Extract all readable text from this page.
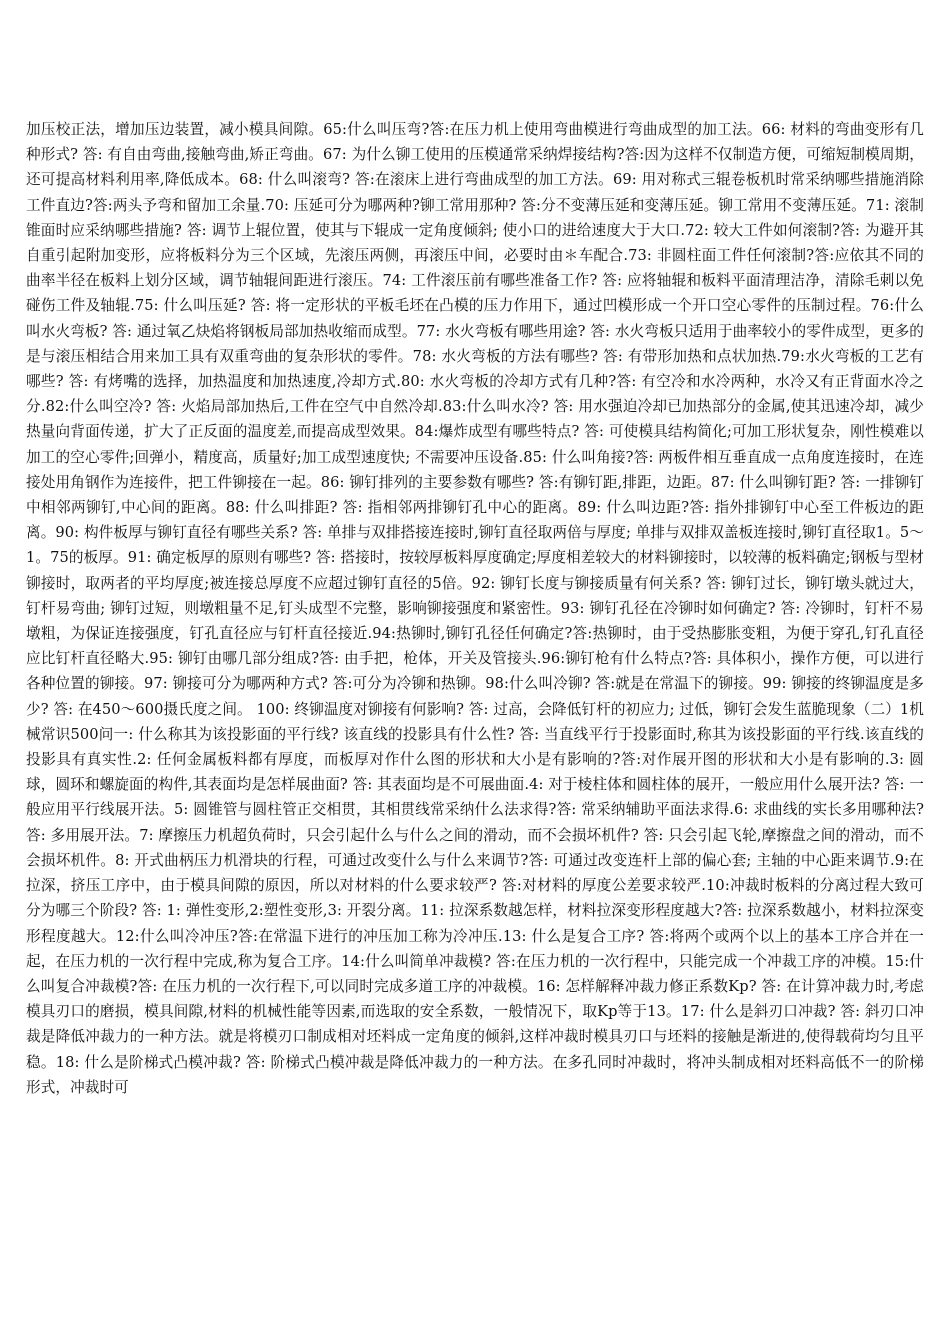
加压校正法，增加压边装置，减小模具间隙。65:什么叫压弯?答:在压力机上使用弯曲模进行弯曲成型的加工法。66: 材料的弯曲变形有几种形式? 答: 有自由弯曲,接触弯曲,矫正弯曲。67: 为什么铆工使用的压模通常采纳焊接结构?答:因为这样不仅制造方便，可缩短制模周期，还可提高材料利用率,降低成本。68: 什么叫滚弯? 答:在滚床上进行弯曲成型的加工方法。69: 用对称式三辊卷板机时常采纳哪些措施消除工件直边?答:两头予弯和留加工余量.70: 压延可分为哪两种?铆工常用那种? 答:分不变薄压延和变薄压延。铆工常用不变薄压延。71: 滚制锥面时应采纳哪些措施? 答: 调节上辊位置，使其与下辊成一定角度倾斜; 使小口的进给速度大于大口.72: 较大工件如何滚制?答: 为避开其自重引起附加变形，应将板料分为三个区域，先滚压两侧，再滚压中间，必要时由＊车配合.73: 非圆柱面工件任何滚制?答:应依其不同的曲率半径在板料上划分区域，调节轴辊间距进行滚压。74: 工件滚压前有哪些准备工作? 答: 应将轴辊和板料平面清理洁净，清除毛刺以免碰伤工件及轴辊.75: 什么叫压延? 答: 将一定形状的平板毛坯在凸模的压力作用下，通过凹模形成一个开口空心零件的压制过程。76:什么叫水火弯板? 答: 通过氧乙炔焰将钢板局部加热收缩而成型。77: 水火弯板有哪些用途? 答: 水火弯板只适用于曲率较小的零件成型，更多的是与滚压相结合用来加工具有双重弯曲的复杂形状的零件。78: 水火弯板的方法有哪些? 答: 有带形加热和点状加热.79:水火弯板的工艺有哪些? 答: 有烤嘴的选择，加热温度和加热速度,冷却方式.80: 水火弯板的冷却方式有几种?答: 有空冷和水冷两种，水冷又有正背面水冷之分.82:什么叫空冷? 答: 火焰局部加热后,工件在空气中自然冷却.83:什么叫水冷? 答: 用水强迫冷却已加热部分的金属,使其迅速冷却，减少热量向背面传递，扩大了正反面的温度差,而提高成型效果。84:爆炸成型有哪些特点? 答: 可使模具结构简化;可加工形状复杂，刚性模难以加工的空心零件;回弹小，精度高，质量好;加工成型速度快; 不需要冲压设备.85: 什么叫角接?答: 两板件相互垂直成一点角度连接时，在连接处用角钢作为连接件，把工件铆接在一起。86: 铆钉排列的主要参数有哪些? 答:有铆钉距,排距，边距。87: 什么叫铆钉距? 答: 一排铆钉中相邻两铆钉,中心间的距离。88: 什么叫排距? 答: 指相邻两排铆钉孔中心的距离。89: 什么叫边距?答: 指外排铆钉中心至工件板边的距离。90: 构件板厚与铆钉直径有哪些关系? 答: 单排与双排搭接连接时,铆钉直径取两倍与厚度; 单排与双排双盖板连接时,铆钉直径取1。5～1。75的板厚。91: 确定板厚的原则有哪些? 答: 搭接时，按较厚板料厚度确定;厚度相差较大的材料铆接时，以较薄的板料确定;钢板与型材铆接时，取两者的平均厚度;被连接总厚度不应超过铆钉直径的5倍。92: 铆钉长度与铆接质量有何关系? 答: 铆钉过长，铆钉墩头就过大，钉杆易弯曲; 铆钉过短，则墩粗量不足,钉头成型不完整，影响铆接强度和紧密性。93: 铆钉孔径在冷铆时如何确定? 答: 冷铆时，钉杆不易墩粗，为保证连接强度，钉孔直径应与钉杆直径接近.94:热铆时,铆钉孔径任何确定?答:热铆时，由于受热膨胀变粗，为便于穿孔,钉孔直径应比钉杆直径略大.95: 铆钉由哪几部分组成?答: 由手把，枪体，开关及管接头.96:铆钉枪有什么特点?答: 具体积小，操作方便，可以进行各种位置的铆接。97: 铆接可分为哪两种方式? 答:可分为冷铆和热铆。98:什么叫冷铆? 答:就是在常温下的铆接。99: 铆接的终铆温度是多少? 答: 在450～600摄氏度之间。 100: 终铆温度对铆接有何影响? 答: 过高，会降低钉杆的初应力; 过低，铆钉会发生蓝脆现象（二）1机械常识500问一: 什么称其为该投影面的平行线? 该直线的投影具有什么性? 答: 当直线平行于投影面时,称其为该投影面的平行线.该直线的投影具有真实性.2: 任何金属板料都有厚度，而板厚对作什么图的形状和大小是有影响的?答:对作展开图的形状和大小是有影响的.3: 圆球，圆环和螺旋面的构件,其表面均是怎样展曲面? 答: 其表面均是不可展曲面.4: 对于棱柱体和圆柱体的展开，一般应用什么展开法? 答: 一般应用平行线展开法。5: 圆锥管与圆柱管正交相贯，其相贯线常采纳什么法求得?答: 常采纳辅助平面法求得.6: 求曲线的实长多用哪种法? 答: 多用展开法。7: 摩擦压力机超负荷时，只会引起什么与什么之间的滑动，而不会损坏机件? 答: 只会引起飞轮,摩擦盘之间的滑动，而不会损坏机件。8: 开式曲柄压力机滑块的行程，可通过改变什么与什么来调节?答: 可通过改变连杆上部的偏心套; 主轴的中心距来调节.9:在拉深，挤压工序中，由于模具间隙的原因，所以对材料的什么要求较严? 答:对材料的厚度公差要求较严.10:冲裁时板料的分离过程大致可分为哪三个阶段? 答: 1: 弹性变形,2:塑性变形,3: 开裂分离。11: 拉深系数越怎样，材料拉深变形程度越大?答: 拉深系数越小，材料拉深变形程度越大。12:什么叫冷冲压?答:在常温下进行的冲压加工称为冷冲压.13: 什么是复合工序? 答:将两个或两个以上的基本工序合并在一起，在压力机的一次行程中完成,称为复合工序。14:什么叫简单冲裁模? 答:在压力机的一次行程中，只能完成一个冲裁工序的冲模。15:什么叫复合冲裁模?答: 在压力机的一次行程下,可以同时完成多道工序的冲裁模。16: 怎样解释冲裁力修正系数Kp? 答: 在计算冲裁力时,考虑模具刃口的磨损，模具间隙,材料的机械性能等因素,而选取的安全系数，一般情况下，取Kp等于13。17: 什么是斜刃口冲裁? 答: 斜刃口冲裁是降低冲裁力的一种方法。就是将模刃口制成相对坯料成一定角度的倾斜,这样冲裁时模具刃口与坯料的接触是渐进的,使得载荷均匀且平稳。18: 什么是阶梯式凸模冲裁? 答: 阶梯式凸模冲裁是降低冲裁力的一种方法。在多孔同时冲裁时，将冲头制成相对坯料高低不一的阶梯形式，冲裁时可
